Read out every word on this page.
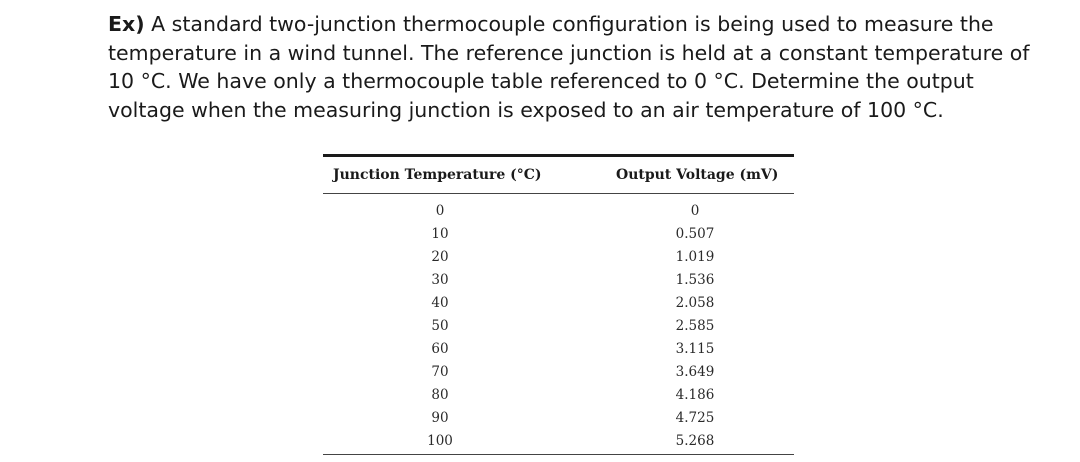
Ex) A standard two-junction thermocouple configuration is being used to measure the temperature in a wind tunnel. The reference junction is held at a constant temperature of 10 °C. We have only a thermocouple table referenced to 0 °C. Determine the output voltage when the measuring junction is exposed to an air temperature of 100 °C.

Junction Temperature (°C)	Output Voltage (mV)
0	0
10	0.507
20	1.019
30	1.536
40	2.058
50	2.585
60	3.115
70	3.649
80	4.186
90	4.725
100	5.268
